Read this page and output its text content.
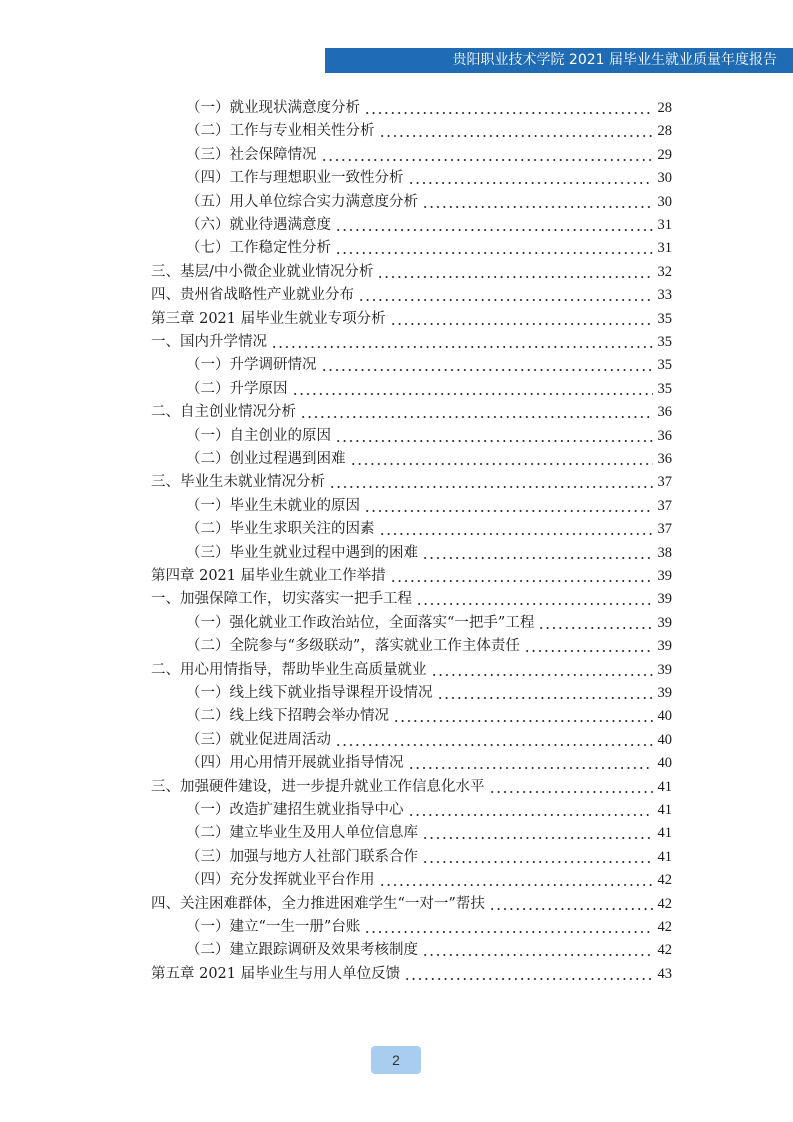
贵阳职业技术学院 2021 届毕业生就业质量年度报告
（一）就业现状满意度分析	28
（二）工作与专业相关性分析	28
（三）社会保障情况	29
（四）工作与理想职业一致性分析	30
（五）用人单位综合实力满意度分析	30
（六）就业待遇满意度	31
（七）工作稳定性分析	31
三、基层/中小微企业就业情况分析	32
四、贵州省战略性产业就业分布	33
第三章 2021 届毕业生就业专项分析	35
一、国内升学情况	35
（一）升学调研情况	35
（二）升学原因	35
二、自主创业情况分析	36
（一）自主创业的原因	36
（二）创业过程遇到困难	36
三、毕业生未就业情况分析	37
（一）毕业生未就业的原因	37
（二）毕业生求职关注的因素	37
（三）毕业生就业过程中遇到的困难	38
第四章 2021 届毕业生就业工作举措	39
一、加强保障工作，切实落实一把手工程	39
（一）强化就业工作政治站位，全面落实“一把手”工程	39
（二）全院参与“多级联动”，落实就业工作主体责任	39
二、用心用情指导，帮助毕业生高质量就业	39
（一）线上线下就业指导课程开设情况	39
（二）线上线下招聘会举办情况	40
（三）就业促进周活动	40
（四）用心用情开展就业指导情况	40
三、加强硬件建设，进一步提升就业工作信息化水平	41
（一）改造扩建招生就业指导中心	41
（二）建立毕业生及用人单位信息库	41
（三）加强与地方人社部门联系合作	41
（四）充分发挥就业平台作用	42
四、关注困难群体，全力推进困难学生“一对一”帮扶	42
（一）建立“一生一册”台账	42
（二）建立跟踪调研及效果考核制度	42
第五章 2021 届毕业生与用人单位反馈	43
2
